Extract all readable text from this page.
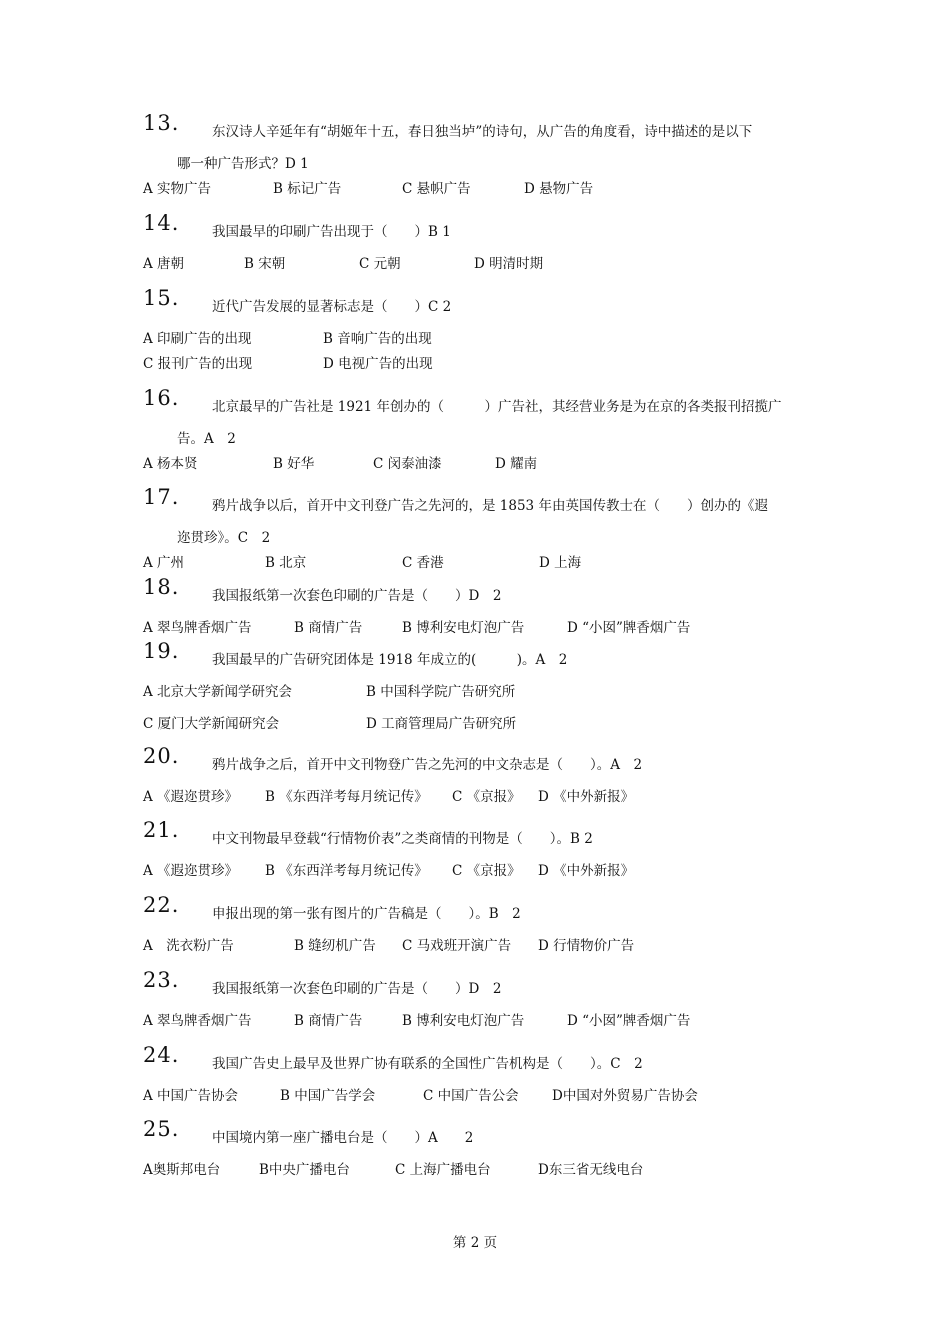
13. 东汉诗人辛延年有“胡姬年十五，春日独当垆”的诗句，从广告的角度看，诗中描述的是以下
哪一种广告形式？D 1
A 实物广告	B 标记广告	C 悬帜广告	D 悬物广告
14. 我国最早的印刷广告出现于（　　）B 1
A 唐朝	B 宋朝	C 元朝	D 明清时期
15. 近代广告发展的显著标志是（　　）C 2
A 印刷广告的出现	B 音响广告的出现
C 报刊广告的出现	D 电视广告的出现
16. 北京最早的广告社是 1921 年创办的（　　　）广告社，其经营业务是为在京的各类报刊招揽广
告。A　2
A 杨本贤	B 好华	C 闵泰油漆	D 耀南
17. 鸦片战争以后，首开中文刊登广告之先河的，是 1853 年由英国传教士在（　　）创办的《遐
迩贯珍》。C　2
A 广州	B 北京	C 香港	D 上海
18. 我国报纸第一次套色印刷的广告是（　　）D　2
A 翠鸟牌香烟广告	B 商情广告	B 博利安电灯泡广告	D “小囡”牌香烟广告
19. 我国最早的广告研究团体是 1918 年成立的(　　　)。A　2
A 北京大学新闻学研究会	B 中国科学院广告研究所
C 厦门大学新闻研究会	D 工商管理局广告研究所
20. 鸦片战争之后，首开中文刊物登广告之先河的中文杂志是（　　）。A　2
A 《遐迩贯珍》 B 《东西洋考每月统记传》 C 《京报》 D 《中外新报》
21. 中文刊物最早登载“行情物价表”之类商情的刊物是（　　）。B 2
A 《遐迩贯珍》 B 《东西洋考每月统记传》 C 《京报》 D 《中外新报》
22. 申报出现的第一张有图片的广告稿是（　　）。B　2
A　洗衣粉广告	B 缝纫机广告 C 马戏班开演广告 D 行情物价广告
23. 我国报纸第一次套色印刷的广告是（　　）D　2
A 翠鸟牌香烟广告	B 商情广告	B 博利安电灯泡广告	D “小囡”牌香烟广告
24. 我国广告史上最早及世界广协有联系的全国性广告机构是（　　）。C　2
A 中国广告协会	B 中国广告学会	C 中国广告公会 D中国对外贸易广告协会
25. 中国境内第一座广播电台是（　　）A　　2
A奥斯邦电台	B中央广播电台	C 上海广播电台	D东三省无线电台
第 2 页
